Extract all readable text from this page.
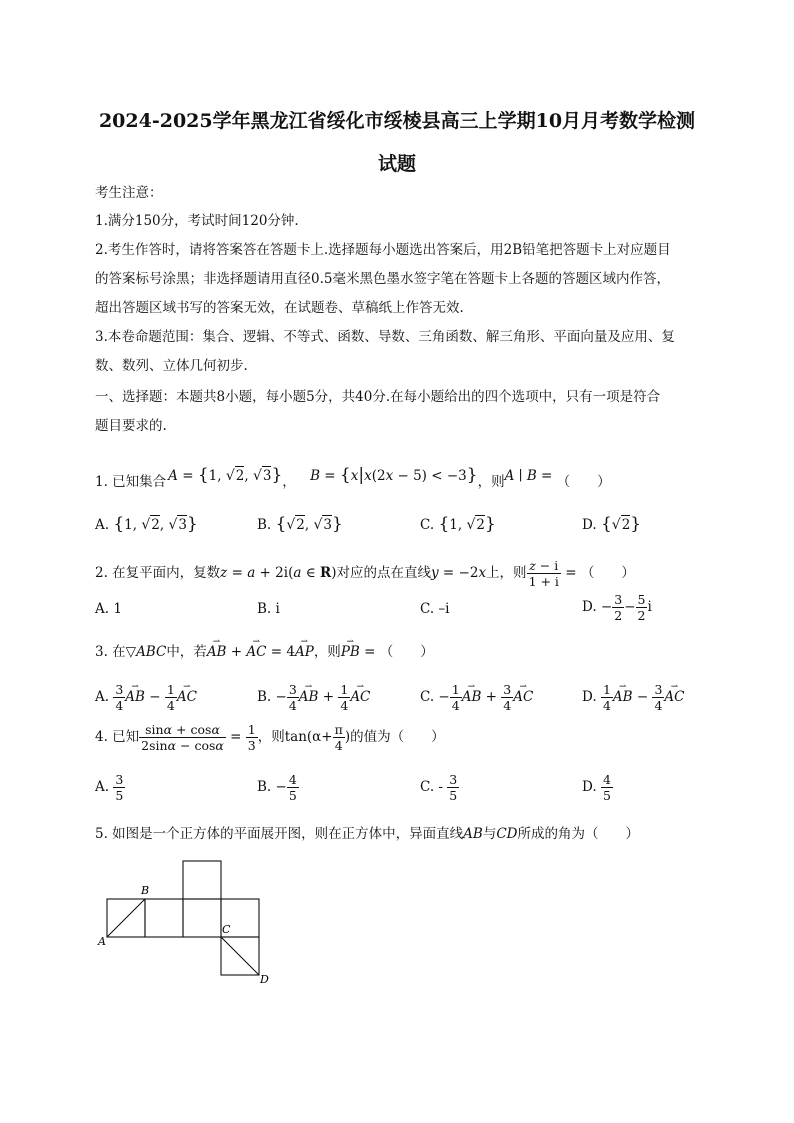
2024-2025学年黑龙江省绥化市绥棱县高三上学期10月月考数学检测
试题
考生注意：
1.满分150分，考试时间120分钟.
2.考生作答时，请将答案答在答题卡上.选择题每小题选出答案后，用2B铅笔把答题卡上对应题目
的答案标号涂黑；非选择题请用直径0.5毫米黑色墨水签字笔在答题卡上各题的答题区域内作答，
超出答题区域书写的答案无效，在试题卷、草稿纸上作答无效.
3.本卷命题范围：集合、逻辑、不等式、函数、导数、三角函数、解三角形、平面向量及应用、复
数、数列、立体几何初步.
一、选择题：本题共8小题，每小题5分，共40分.在每小题给出的四个选项中，只有一项是符合
题目要求的.
1. 已知集合 A = {1, √2, √3}， B = {x|x(2x − 5) < −3}，则A ∣ B = （　　）
A. {1, √2, √3}	B. {√2, √3}	C. {1, √2}	D. {√2}
2. 在复平面内，复数z = a + 2i(a ∈ R)对应的点在直线y = −2x上，则 $\frac{z - i}{1 + i}$ = （　　）
A. 1	B. i	C. –i	D. − $\frac{3}{2} - \frac{5}{2}$ i
3. 在▽ABC中，若⇀ AB + ⇀ AC = 4⇀ AP，则⇀ PB = （　　）
A. $\frac{3}{4}$ ⇀ AB − $\frac{1}{4}$ ⇀ AC	B. − $\frac{3}{4}$ ⇀ AB + $\frac{1}{4}$ ⇀ AC	C. − $\frac{1}{4}$ ⇀ AB + $\frac{3}{4}$ ⇀ AC	D. $\frac{1}{4}$ ⇀ AB − $\frac{3}{4}$ ⇀ AC
4. 已知 $\frac{\sin\alpha + \cos\alpha}{2\sin\alpha - \cos\alpha} = \frac{1}{3}$ ，则$\tan(\alpha+ \frac{\pi}{4}$ )的值为（　　）
A. $\frac{3}{5}$	B. − $\frac{4}{5}$	C. - $\frac{3}{5}$	D. $\frac{4}{5}$
5. 如图是一个正方体的平面展开图，则在正方体中，异面直线AB与CD所成的角为（　　）
A
B
C
D
